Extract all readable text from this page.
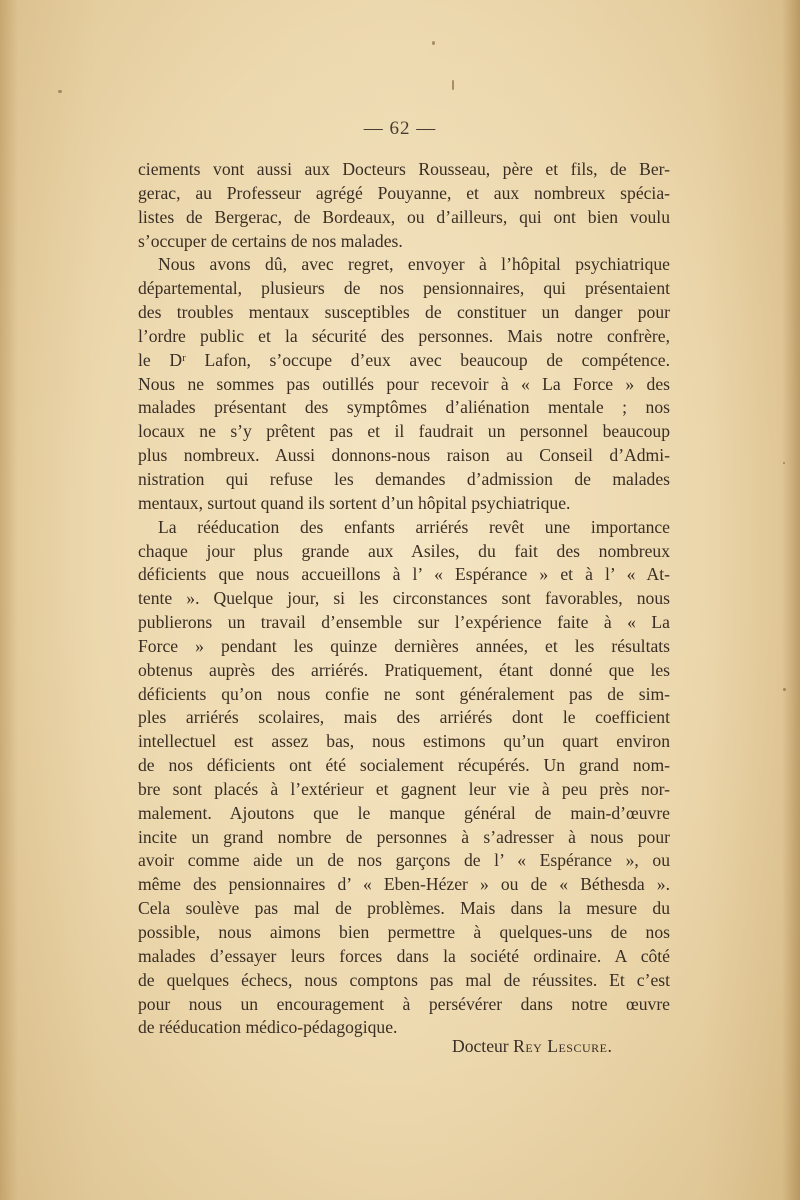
— 62 —
ciements vont aussi aux Docteurs Rousseau, père et fils, de Ber-
gerac, au Professeur agrégé Pouyanne, et aux nombreux spécia-
listes de Bergerac, de Bordeaux, ou d’ailleurs, qui ont bien voulu
s’occuper de certains de nos malades.
Nous avons dû, avec regret, envoyer à l’hôpital psychiatrique
départemental, plusieurs de nos pensionnaires, qui présentaient
des troubles mentaux susceptibles de constituer un danger pour
l’ordre public et la sécurité des personnes. Mais notre confrère,
le Dʳ Lafon, s’occupe d’eux avec beaucoup de compétence.
Nous ne sommes pas outillés pour recevoir à « La Force » des
malades présentant des symptômes d’aliénation mentale ; nos
locaux ne s’y prêtent pas et il faudrait un personnel beaucoup
plus nombreux. Aussi donnons-nous raison au Conseil d’Admi-
nistration qui refuse les demandes d’admission de malades
mentaux, surtout quand ils sortent d’un hôpital psychiatrique.
La rééducation des enfants arriérés revêt une importance
chaque jour plus grande aux Asiles, du fait des nombreux
déficients que nous accueillons à l’ « Espérance » et à l’ « At-
tente ». Quelque jour, si les circonstances sont favorables, nous
publierons un travail d’ensemble sur l’expérience faite à « La
Force » pendant les quinze dernières années, et les résultats
obtenus auprès des arriérés. Pratiquement, étant donné que les
déficients qu’on nous confie ne sont généralement pas de sim-
ples arriérés scolaires, mais des arriérés dont le coefficient
intellectuel est assez bas, nous estimons qu’un quart environ
de nos déficients ont été socialement récupérés. Un grand nom-
bre sont placés à l’extérieur et gagnent leur vie à peu près nor-
malement. Ajoutons que le manque général de main-d’œuvre
incite un grand nombre de personnes à s’adresser à nous pour
avoir comme aide un de nos garçons de l’ « Espérance », ou
même des pensionnaires d’ « Eben-Hézer » ou de « Béthesda ».
Cela soulève pas mal de problèmes. Mais dans la mesure du
possible, nous aimons bien permettre à quelques-uns de nos
malades d’essayer leurs forces dans la société ordinaire. A côté
de quelques échecs, nous comptons pas mal de réussites. Et c’est
pour nous un encouragement à persévérer dans notre œuvre
de rééducation médico-pédagogique.
Docteur Rey Lescure.
